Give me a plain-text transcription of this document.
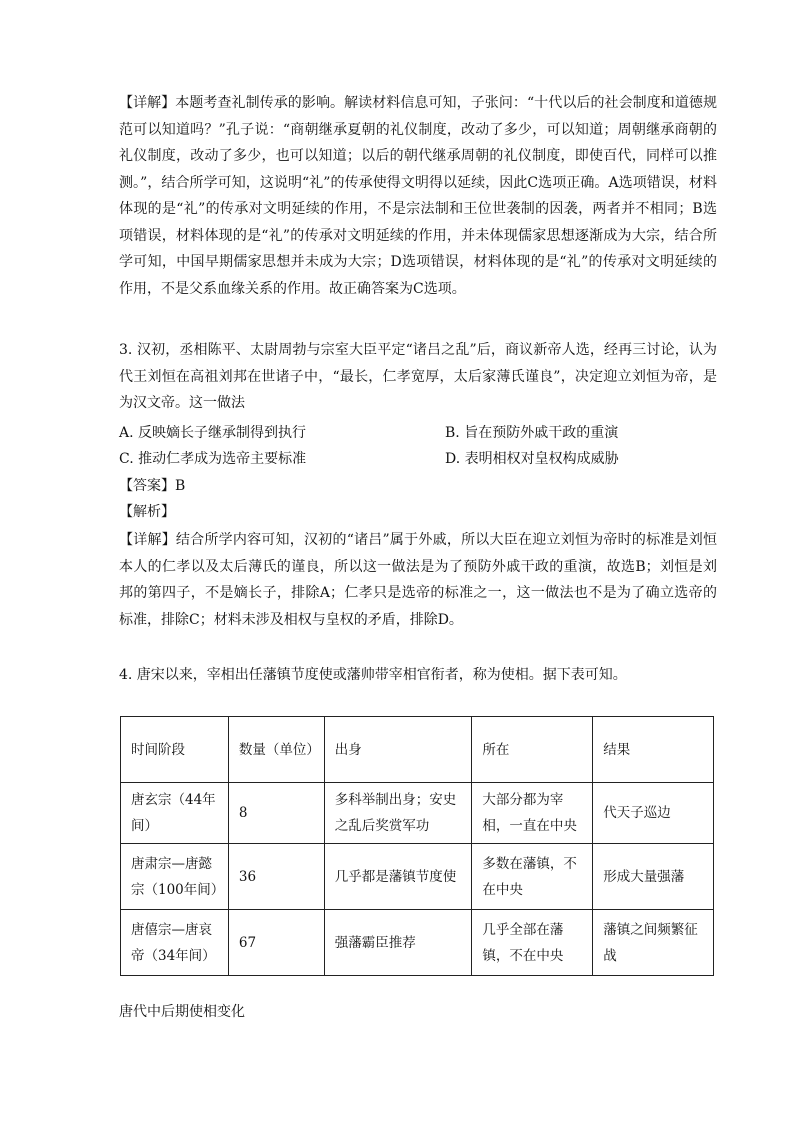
【详解】本题考查礼制传承的影响。解读材料信息可知，子张问：“十代以后的社会制度和道德规范可以知道吗？”孔子说：“商朝继承夏朝的礼仪制度，改动了多少，可以知道；周朝继承商朝的礼仪制度，改动了多少，也可以知道；以后的朝代继承周朝的礼仪制度，即使百代，同样可以推测。”，结合所学可知，这说明“礼”的传承使得文明得以延续，因此C选项正确。A选项错误，材料体现的是“礼”的传承对文明延续的作用，不是宗法制和王位世袭制的因袭，两者并不相同；B选项错误，材料体现的是“礼”的传承对文明延续的作用，并未体现儒家思想逐渐成为大宗，结合所学可知，中国早期儒家思想并未成为大宗；D选项错误，材料体现的是“礼”的传承对文明延续的作用，不是父系血缘关系的作用。故正确答案为C选项。

3. 汉初，丞相陈平、太尉周勃与宗室大臣平定“诸吕之乱”后，商议新帝人选，经再三讨论，认为代王刘恒在高祖刘邦在世诸子中，“最长，仁孝宽厚，太后家薄氏谨良”，决定迎立刘恒为帝，是为汉文帝。这一做法

A. 反映嫡长子继承制得到执行	B. 旨在预防外戚干政的重演
C. 推动仁孝成为选帝主要标准	D. 表明相权对皇权构成威胁
【答案】B
【解析】

【详解】结合所学内容可知，汉初的“诸吕”属于外戚，所以大臣在迎立刘恒为帝时的标准是刘恒本人的仁孝以及太后薄氏的谨良，所以这一做法是为了预防外戚干政的重演，故选B；刘恒是刘邦的第四子，不是嫡长子，排除A；仁孝只是选帝的标准之一，这一做法也不是为了确立选帝的标准，排除C；材料未涉及相权与皇权的矛盾，排除D。

4. 唐宋以来，宰相出任藩镇节度使或藩帅带宰相官衔者，称为使相。据下表可知。
时间阶段	数量（单位）	出身	所在	结果
唐玄宗（44年间）	8	多科举制出身；安史之乱后奖赏军功	大部分都为宰相，一直在中央	代天子巡边
唐肃宗—唐懿宗（100年间）	36	几乎都是藩镇节度使	多数在藩镇，不在中央	形成大量强藩
唐僖宗—唐哀帝（34年间）	67	强藩霸臣推荐	几乎全部在藩镇，不在中央	藩镇之间频繁征战
唐代中后期使相变化
